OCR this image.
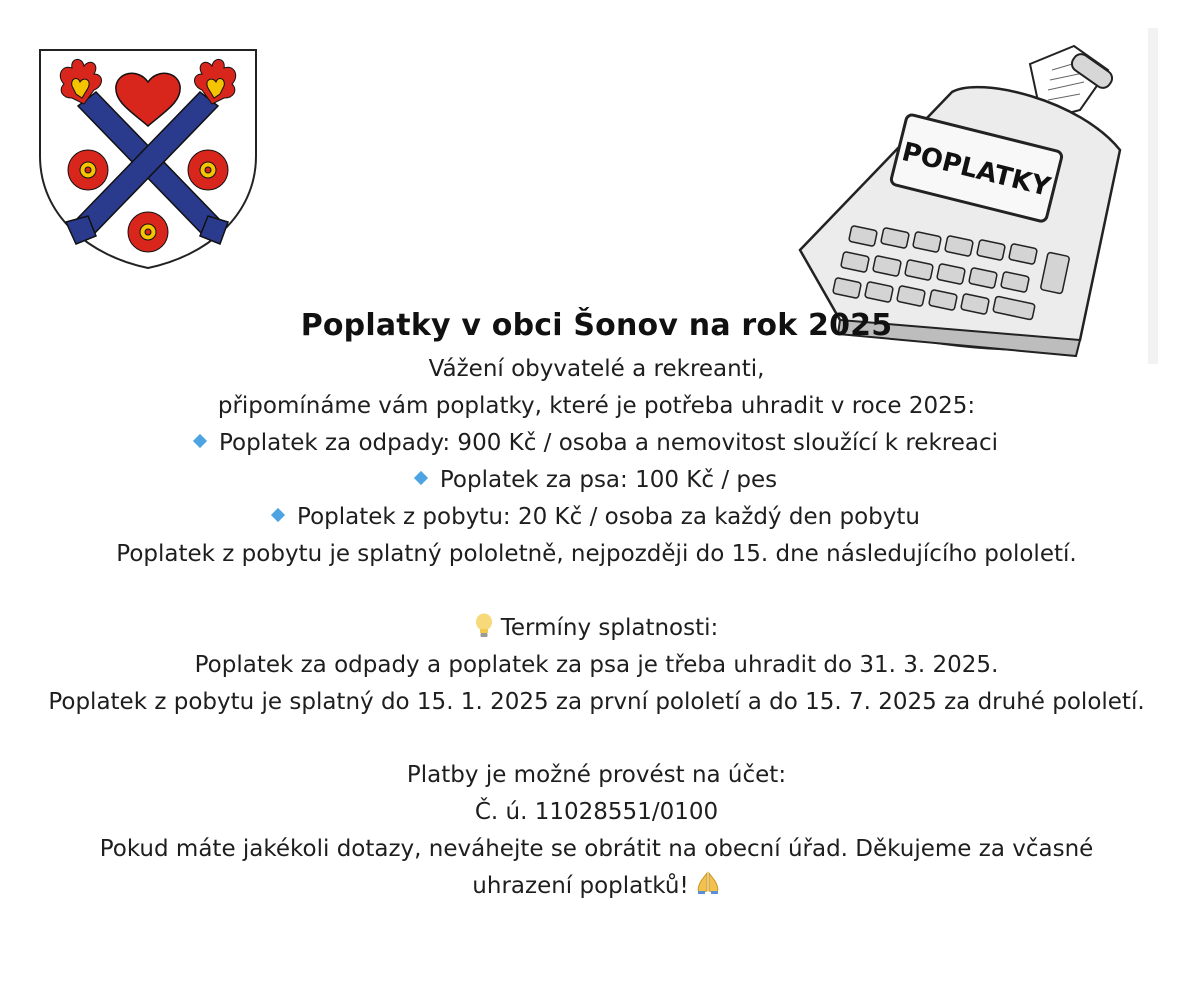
POPLATKY
Poplatky v obci Šonov na rok 2025
Vážení obyvatelé a rekreanti,
připomínáme vám poplatky, které je potřeba uhradit v roce 2025:
Poplatek za odpady: 900 Kč / osoba a nemovitost sloužící k rekreaci
Poplatek za psa: 100 Kč / pes
Poplatek z pobytu: 20 Kč / osoba za každý den pobytu
Poplatek z pobytu je splatný pololetně, nejpozději do 15. dne následujícího pololetí.
Termíny splatnosti:
Poplatek za odpady a poplatek za psa je třeba uhradit do 31. 3. 2025.
Poplatek z pobytu je splatný do 15. 1. 2025 za první pololetí a do 15. 7. 2025 za druhé pololetí.
Platby je možné provést na účet:
Č. ú. 11028551/0100
Pokud máte jakékoli dotazy, neváhejte se obrátit na obecní úřad. Děkujeme za včasné
uhrazení poplatků!
